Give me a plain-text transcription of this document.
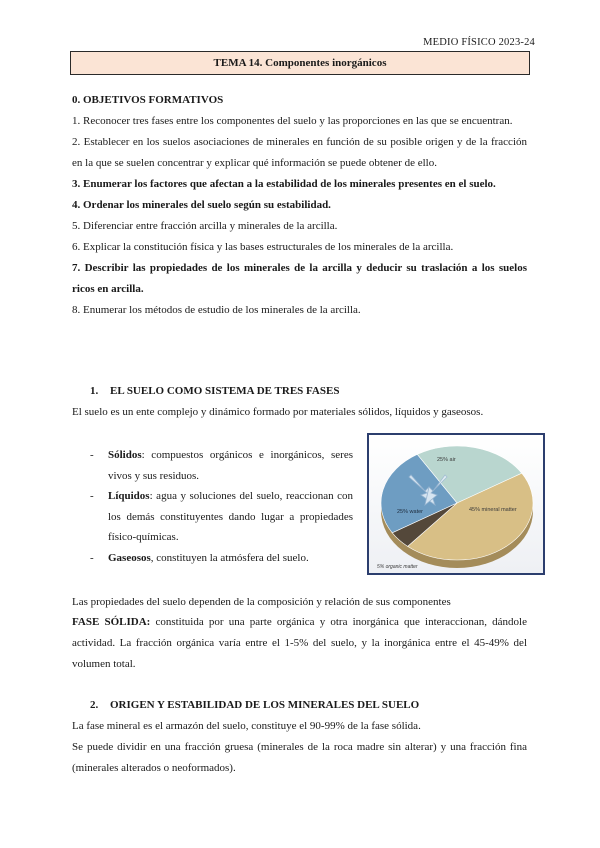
MEDIO FÍSICO 2023-24
TEMA 14. Componentes inorgánicos
0. OBJETIVOS FORMATIVOS
1. Reconocer tres fases entre los componentes del suelo y las proporciones en las que se encuentran.
2. Establecer en los suelos asociaciones de minerales en función de su posible origen y de la fracción en la que se suelen concentrar y explicar qué información se puede obtener de ello.
3. Enumerar los factores que afectan a la estabilidad de los minerales presentes en el suelo.
4. Ordenar los minerales del suelo según su estabilidad.
5. Diferenciar entre fracción arcilla y minerales de la arcilla.
6. Explicar la constitución física y las bases estructurales de los minerales de la arcilla.
7. Describir las propiedades de los minerales de la arcilla y deducir su traslación a los suelos ricos en arcilla.
8. Enumerar los métodos de estudio de los minerales de la arcilla.
1. EL SUELO COMO SISTEMA DE TRES FASES
El suelo es un ente complejo y dinámico formado por materiales sólidos, líquidos y gaseosos.
- Sólidos: compuestos orgánicos e inorgánicos, seres vivos y sus residuos.
- Líquidos: agua y soluciones del suelo, reaccionan con los demás constituyentes dando lugar a propiedades físico-químicas.
- Gaseosos, constituyen la atmósfera del suelo.
25% air
45% mineral matter
25% water
5% organic matter
Las propiedades del suelo dependen de la composición y relación de sus componentes
FASE SÓLIDA: constituida por una parte orgánica y otra inorgánica que interaccionan, dándole actividad. La fracción orgánica varía entre el 1-5% del suelo, y la inorgánica entre el 45-49% del volumen total.
2. ORIGEN Y ESTABILIDAD DE LOS MINERALES DEL SUELO
La fase mineral es el armazón del suelo, constituye el 90-99% de la fase sólida.
Se puede dividir en una fracción gruesa (minerales de la roca madre sin alterar) y una fracción fina (minerales alterados o neoformados).
